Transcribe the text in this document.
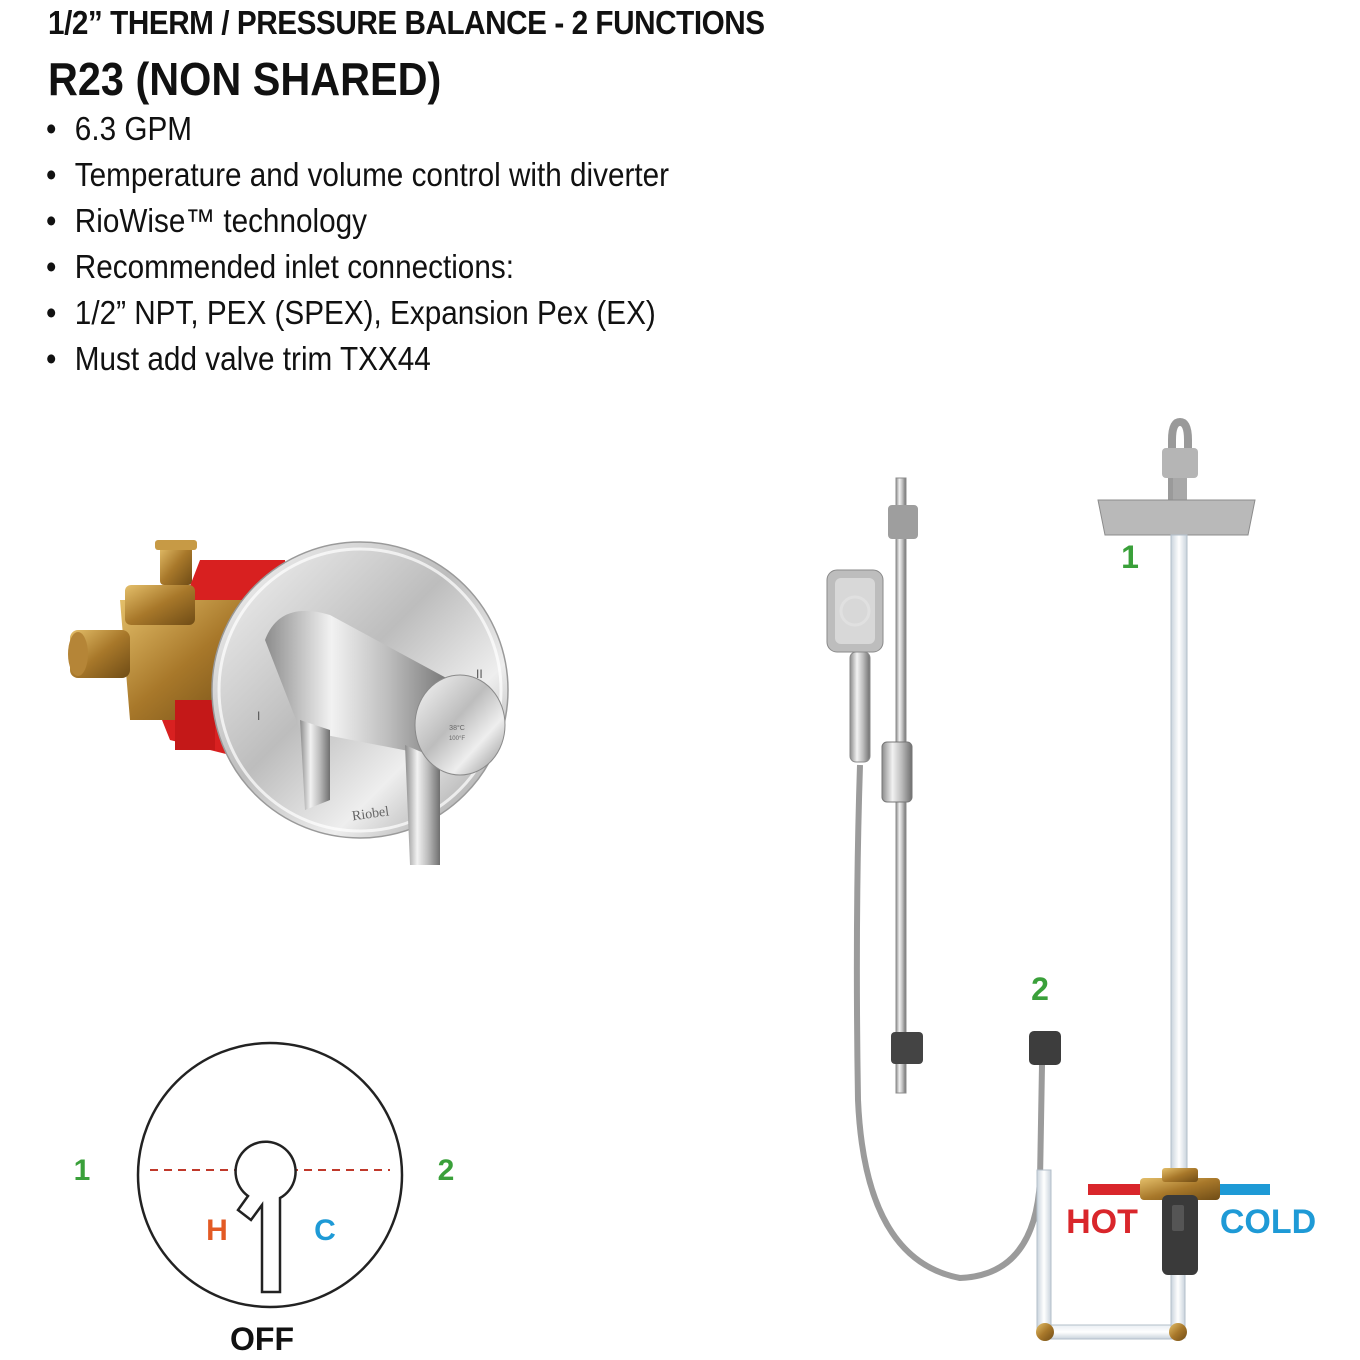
1/2” THERM / PRESSURE BALANCE - 2 FUNCTIONS
R23 (NON SHARED)
• 6.3 GPM
• Temperature and volume control with diverter
• RioWise™ technology
• Recommended inlet connections:
• 1/2” NPT, PEX (SPEX), Expansion Pex (EX)
• Must add valve trim TXX44
38°C
100°F
II
I
Riobel
1	2
H	C
OFF
1
2
HOT COLD
